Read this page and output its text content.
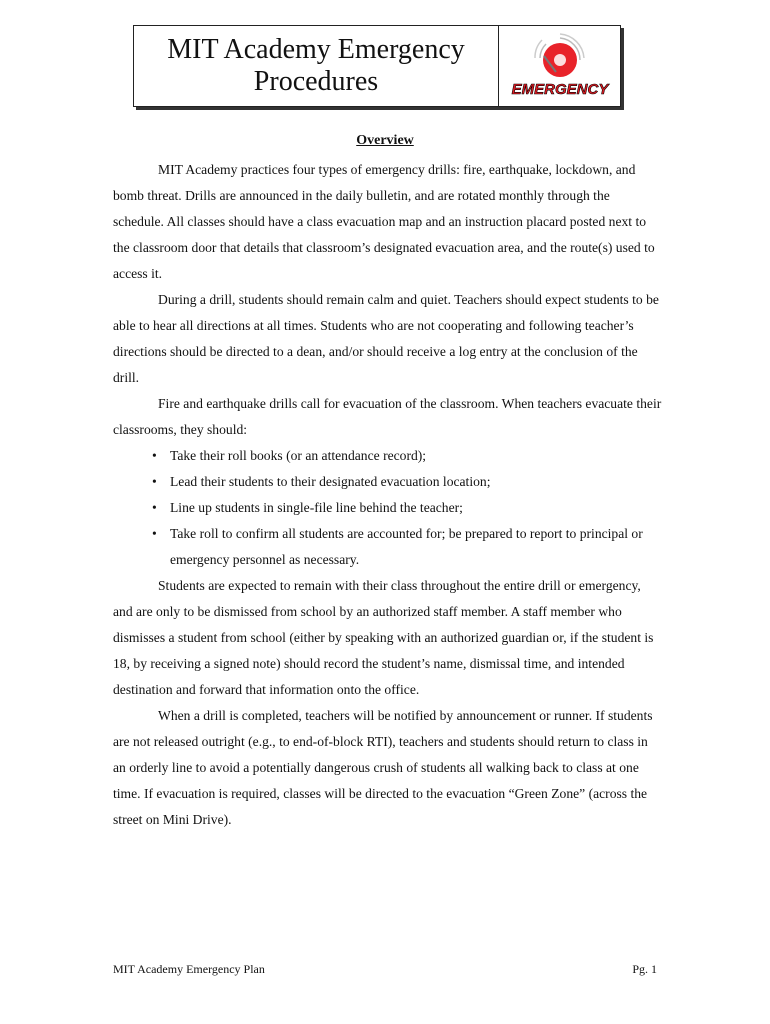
MIT Academy Emergency
Procedures	EMERGENCY
Overview

MIT Academy practices four types of emergency drills: fire, earthquake, lockdown, and bomb threat. Drills are announced in the daily bulletin, and are rotated monthly through the schedule. All classes should have a class evacuation map and an instruction placard posted next to the classroom door that details that classroom’s designated evacuation area, and the route(s) used to access it.

During a drill, students should remain calm and quiet. Teachers should expect students to be able to hear all directions at all times. Students who are not cooperating and following teacher’s directions should be directed to a dean, and/or should receive a log entry at the conclusion of the drill.

Fire and earthquake drills call for evacuation of the classroom. When teachers evacuate their classrooms, they should:

• Take their roll books (or an attendance record);
• Lead their students to their designated evacuation location;
• Line up students in single-file line behind the teacher;
• Take roll to confirm all students are accounted for; be prepared to report to principal or emergency personnel as necessary.

Students are expected to remain with their class throughout the entire drill or emergency, and are only to be dismissed from school by an authorized staff member. A staff member who dismisses a student from school (either by speaking with an authorized guardian or, if the student is 18, by receiving a signed note) should record the student’s name, dismissal time, and intended destination and forward that information onto the office.

When a drill is completed, teachers will be notified by announcement or runner. If students are not released outright (e.g., to end-of-block RTI), teachers and students should return to class in an orderly line to avoid a potentially dangerous crush of students all walking back to class at one time. If evacuation is required, classes will be directed to the evacuation “Green Zone” (across the street on Mini Drive).

MIT Academy Emergency Plan	Pg. 1
